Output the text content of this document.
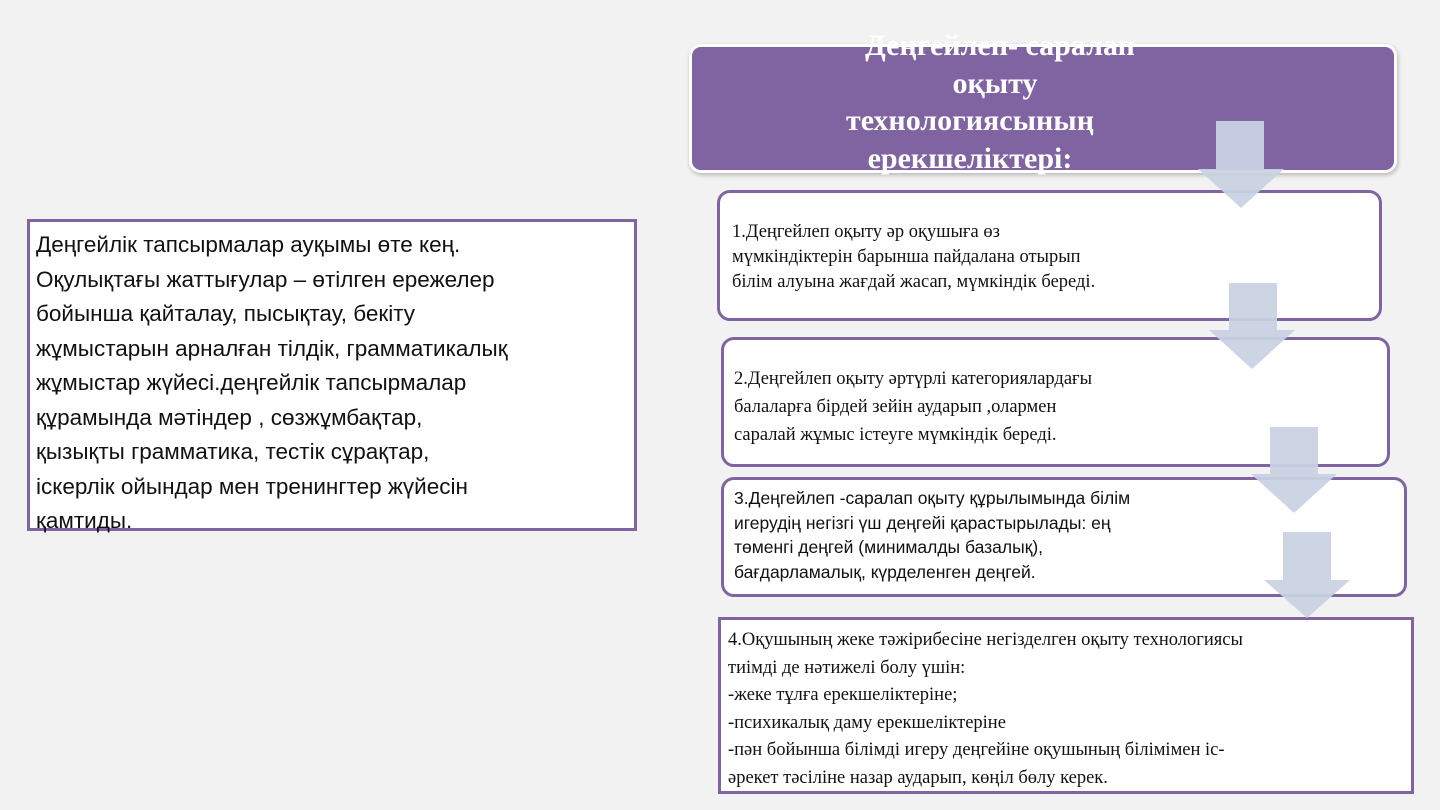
Деңгейлік тапсырмалар ауқымы өте кең.
Оқулықтағы жаттығулар – өтілген ережелер
бойынша қайталау, пысықтау, бекіту
жұмыстарын арналған тілдік, грамматикалық
жұмыстар жүйесі.деңгейлік тапсырмалар
құрамында мәтіндер , сөзжұмбақтар,
қызықты грамматика, тестік сұрақтар,
іскерлік ойындар мен тренингтер жүйесін
қамтиды.
Деңгейлеп- саралап
оқыту
технологиясының
ерекшеліктері:
1.Деңгейлеп оқыту әр оқушыға өз
мүмкіндіктерін барынша пайдалана отырып
білім алуына жағдай жасап, мүмкіндік береді.
2.Деңгейлеп оқыту әртүрлі категориялардағы
балаларға бірдей зейін аударып ,олармен
саралай жұмыс істеуге мүмкіндік береді.
3.Деңгейлеп -саралап оқыту құрылымында білім
игерудің негізгі үш деңгейі қарастырылады: ең
төменгі деңгей (минималды базалық),
бағдарламалық, күрделенген деңгей.
4.Оқушының жеке тәжірибесіне негізделген оқыту технологиясы
тиімді де нәтижелі болу үшін:
-жеке тұлға ерекшеліктеріне;
-психикалық даму ерекшеліктеріне
-пән бойынша білімді игеру деңгейіне оқушының білімімен іс-
әрекет тәсіліне назар аударып, көңіл бөлу керек.
